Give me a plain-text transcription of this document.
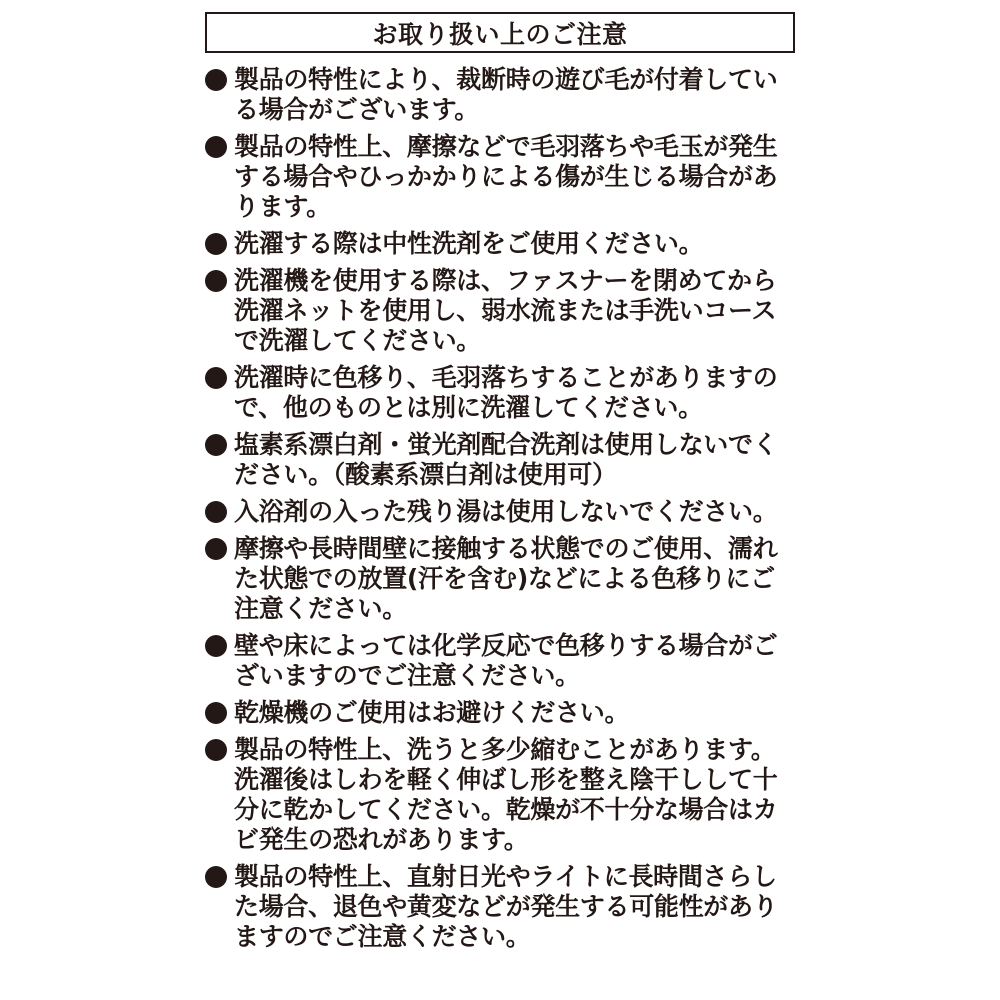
お取り扱い上のご注意
製品の特性により、裁断時の遊び毛が付着している場合がございます。
製品の特性上、摩擦などで毛羽落ちや毛玉が発生する場合やひっかかりによる傷が生じる場合があります。
洗濯する際は中性洗剤をご使用ください。
洗濯機を使用する際は、ファスナーを閉めてから洗濯ネットを使用し、弱水流または手洗いコースで洗濯してください。
洗濯時に色移り、毛羽落ちすることがありますので、他のものとは別に洗濯してください。
塩素系漂白剤・蛍光剤配合洗剤は使用しないでください。（酸素系漂白剤は使用可）
入浴剤の入った残り湯は使用しないでください。
摩擦や長時間壁に接触する状態でのご使用、濡れた状態での放置(汗を含む)などによる色移りにご注意ください。
壁や床によっては化学反応で色移りする場合がございますのでご注意ください。
乾燥機のご使用はお避けください。
製品の特性上、洗うと多少縮むことがあります。洗濯後はしわを軽く伸ばし形を整え陰干しして十分に乾かしてください。乾燥が不十分な場合はカビ発生の恐れがあります。
製品の特性上、直射日光やライトに長時間さらした場合、退色や黄変などが発生する可能性がありますのでご注意ください。
